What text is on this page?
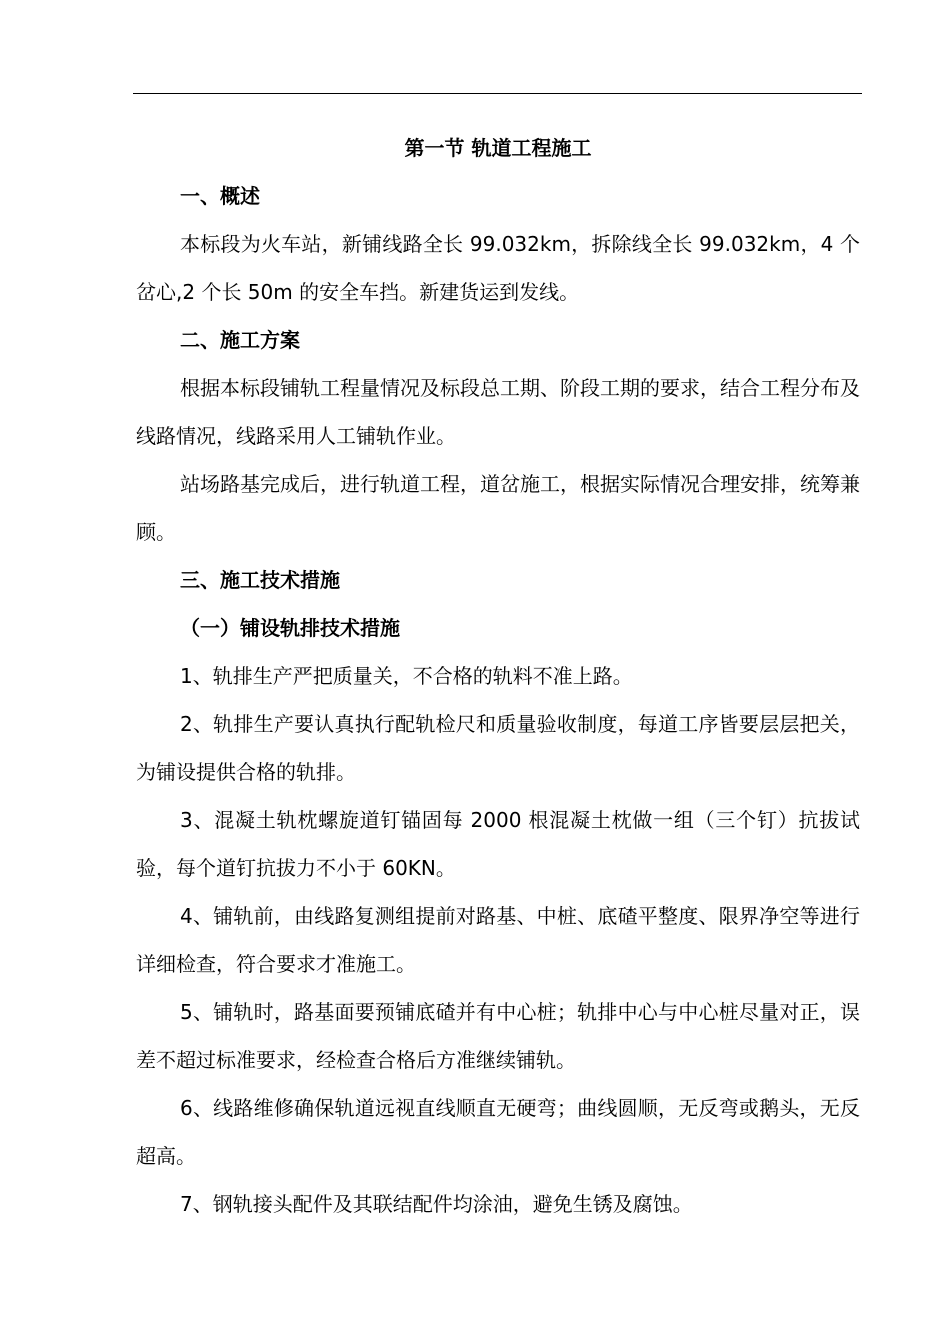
第一节 轨道工程施工

一、概述

本标段为火车站，新铺线路全长 99.032km，拆除线全长 99.032km，4 个岔心,2 个长 50m 的安全车挡。新建货运到发线。

二、施工方案

根据本标段铺轨工程量情况及标段总工期、阶段工期的要求，结合工程分布及线路情况，线路采用人工铺轨作业。

站场路基完成后，进行轨道工程，道岔施工，根据实际情况合理安排，统筹兼顾。

三、施工技术措施

（一）铺设轨排技术措施

1、轨排生产严把质量关，不合格的轨料不准上路。

2、轨排生产要认真执行配轨检尺和质量验收制度，每道工序皆要层层把关，为铺设提供合格的轨排。

3、混凝土轨枕螺旋道钉锚固每 2000 根混凝土枕做一组（三个钉）抗拔试验，每个道钉抗拔力不小于 60KN。

4、铺轨前，由线路复测组提前对路基、中桩、底碴平整度、限界净空等进行详细检查，符合要求才准施工。

5、铺轨时，路基面要预铺底碴并有中心桩；轨排中心与中心桩尽量对正，误差不超过标准要求，经检查合格后方准继续铺轨。

6、线路维修确保轨道远视直线顺直无硬弯；曲线圆顺，无反弯或鹅头，无反超高。

7、钢轨接头配件及其联结配件均涂油，避免生锈及腐蚀。
